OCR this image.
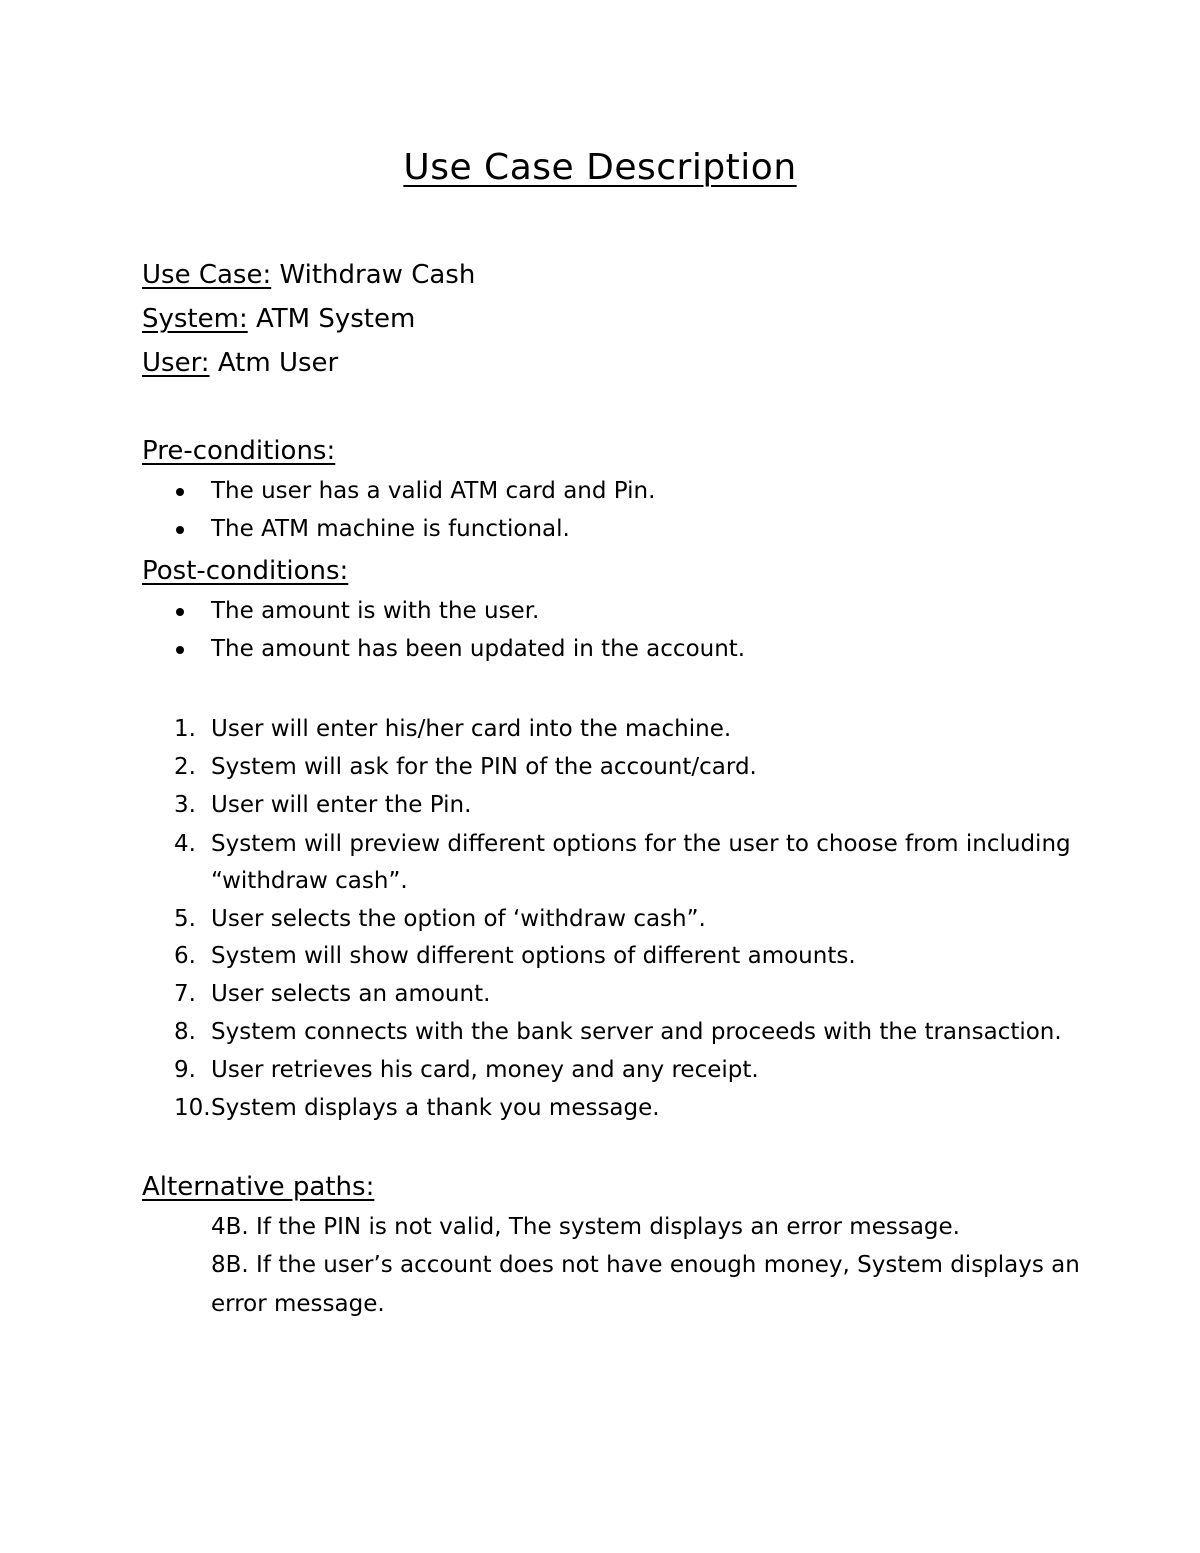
Use Case Description
Use Case: Withdraw Cash
System: ATM System
User: Atm User
Pre-conditions:
The user has a valid ATM card and Pin.
The ATM machine is functional.
Post-conditions:
The amount is with the user.
The amount has been updated in the account.
1. User will enter his/her card into the machine.
2. System will ask for the PIN of the account/card.
3. User will enter the Pin.
4. System will preview different options for the user to choose from including
“withdraw cash”.
5. User selects the option of ‘withdraw cash”.
6. System will show different options of different amounts.
7. User selects an amount.
8. System connects with the bank server and proceeds with the transaction.
9. User retrieves his card, money and any receipt.
10. System displays a thank you message.
Alternative paths:
4B. If the PIN is not valid, The system displays an error message.
8B. If the user’s account does not have enough money, System displays an
error message.
